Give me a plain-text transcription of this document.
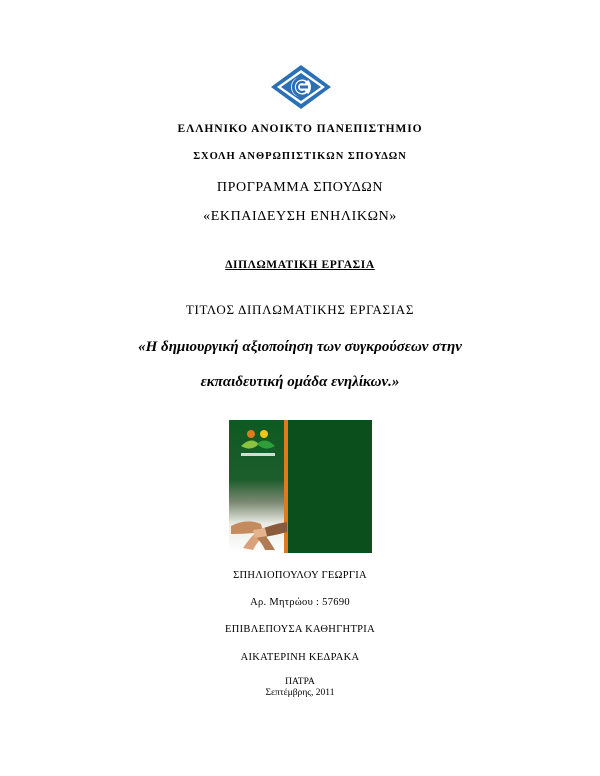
ΕΛΛΗΝΙΚΟ ΑΝΟΙΚΤΟ ΠΑΝΕΠΙΣΤΗΜΙΟ
ΣΧΟΛΗ ΑΝΘΡΩΠΙΣΤΙΚΩΝ ΣΠΟΥΔΩΝ
ΠΡΟΓΡΑΜΜΑ ΣΠΟΥΔΩΝ
«ΕΚΠΑΙΔΕΥΣΗ ΕΝΗΛΙΚΩΝ»
ΔΙΠΛΩΜΑΤΙΚΗ ΕΡΓΑΣΙΑ
ΤΙΤΛΟΣ ΔΙΠΛΩΜΑΤΙΚΗΣ ΕΡΓΑΣΙΑΣ
«Η δημιουργική αξιοποίηση των συγκρούσεων στην
εκπαιδευτική ομάδα ενηλίκων.»
ΣΠΗΛΙΟΠΟΥΛΟΥ ΓΕΩΡΓΙΑ
Αρ. Μητρώου : 57690
ΕΠΙΒΛΕΠΟΥΣΑ ΚΑΘΗΓΗΤΡΙΑ
ΑΙΚΑΤΕΡΙΝΗ ΚΕΔΡΑΚΑ
ΠΑΤΡΑ
Σεπτέμβρης, 2011
